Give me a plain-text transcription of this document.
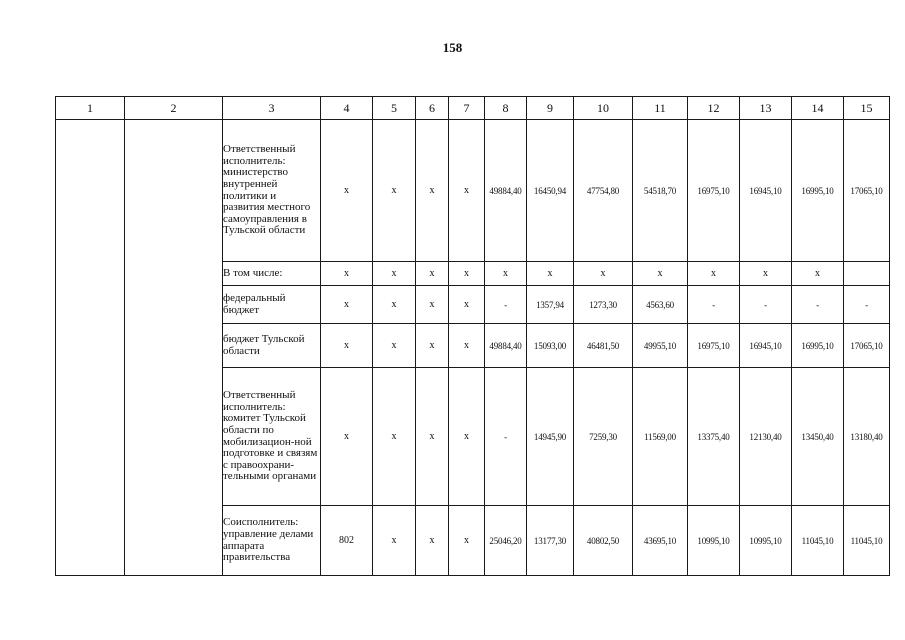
158
1	2	3	4	5	6	7	8	9	10	11	12	13	14	15
		Ответственный исполнитель: министерство внутренней политики и развития местного самоуправления в Тульской области	x	x	x	x	49884,40	16450,94	47754,80	54518,70	16975,10	16945,10	16995,10	17065,10
		В том числе:	x	x	x	x	x	x	x	x	x	x	x	
		федеральный бюджет	x	x	x	x	-	1357,94	1273,30	4563,60	-	-	-	-
		бюджет Тульской области	x	x	x	x	49884,40	15093,00	46481,50	49955,10	16975,10	16945,10	16995,10	17065,10
		Ответственный исполнитель: комитет Тульской области по мобилизацион-ной подготовке и связям с правоохрани-тельными органами	x	x	x	x	-	14945,90	7259,30	11569,00	13375,40	12130,40	13450,40	13180,40
		Соисполнитель: управление делами аппарата правительства	802	x	x	x	25046,20	13177,30	40802,50	43695,10	10995,10	10995,10	11045,10	11045,10
